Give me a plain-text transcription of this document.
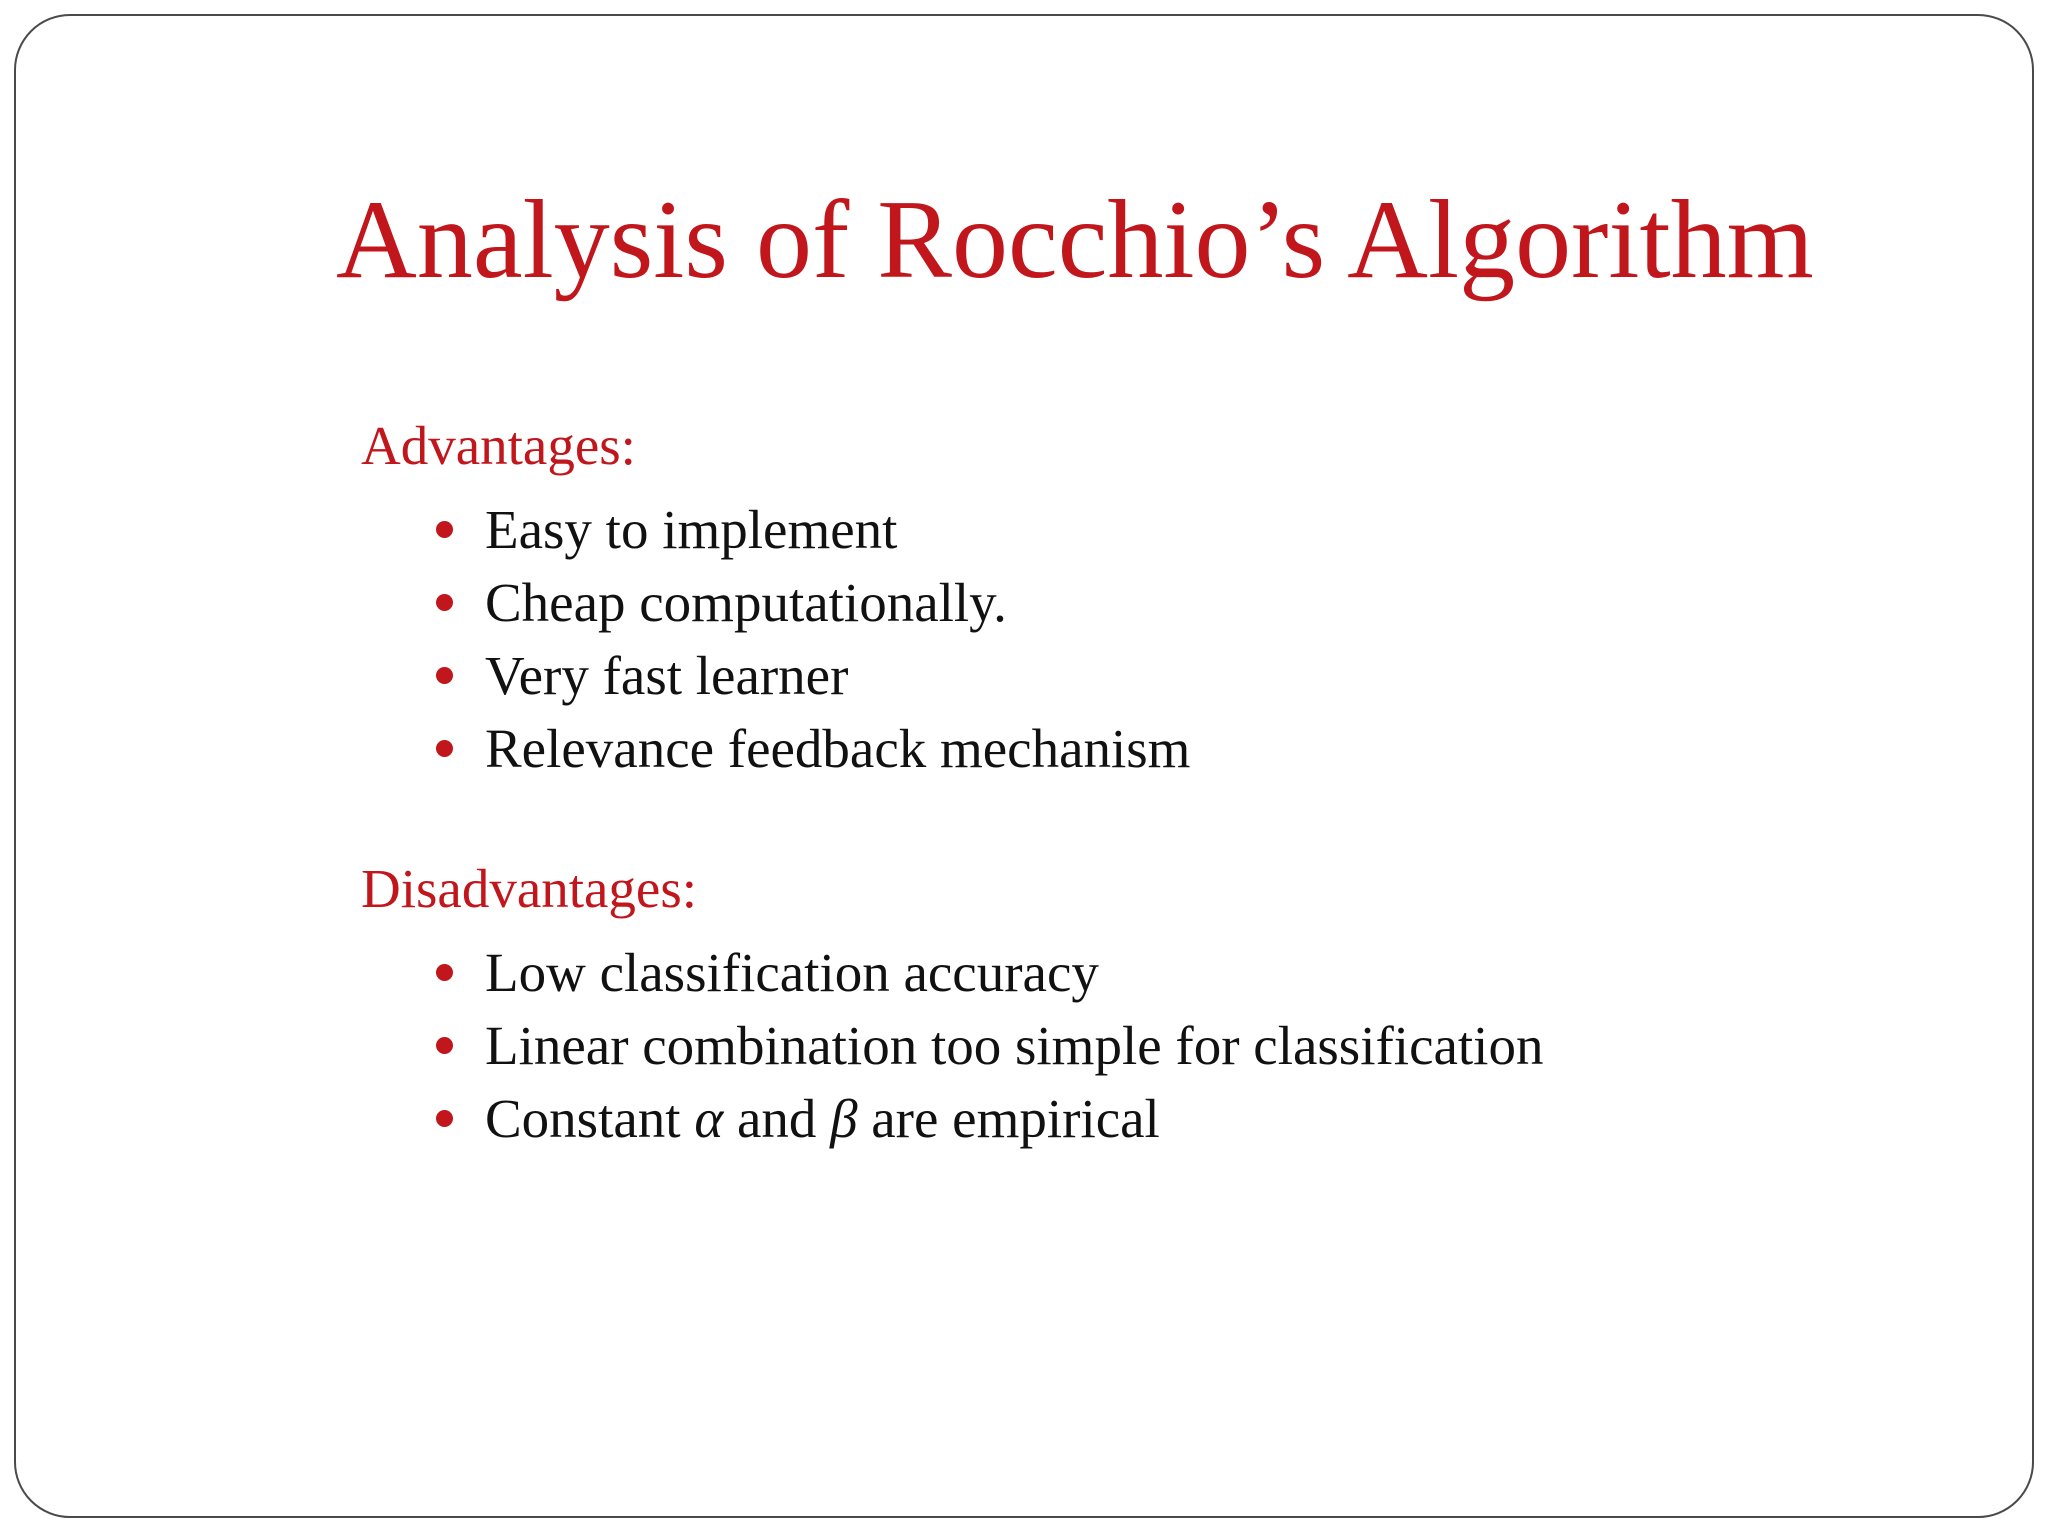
Analysis of Rocchio’s Algorithm
Advantages:
Easy to implement
Cheap computationally.
Very fast learner
Relevance feedback mechanism
Disadvantages:
Low classification accuracy
Linear combination too simple for classification
Constant α and β are empirical
